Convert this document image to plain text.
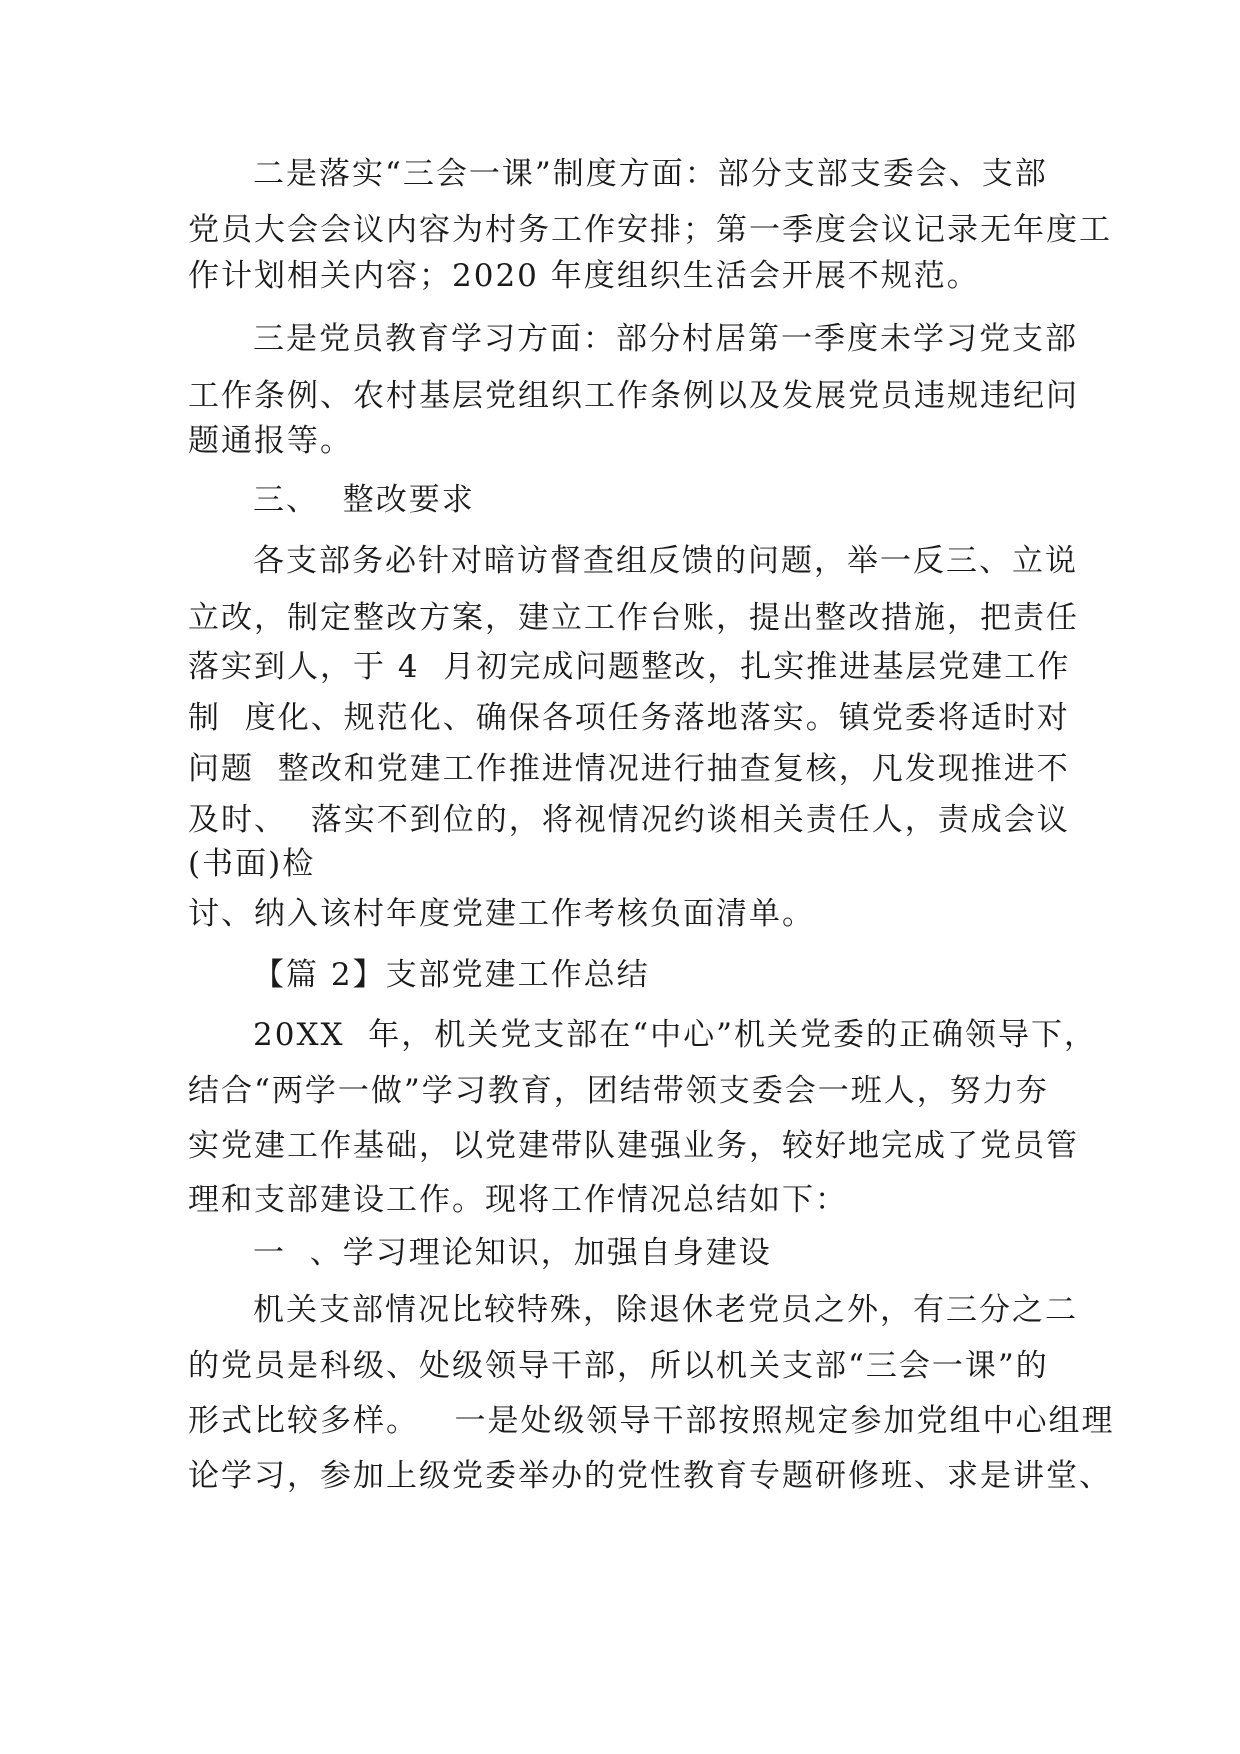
二是落实“三会一课”制度方面：部分支部支委会、支部

党员大会会议内容为村务工作安排；第一季度会议记录无年度工

作计划相关内容；2020 年度组织生活会开展不规范。

三是党员教育学习方面：部分村居第一季度未学习党支部

工作条例、农村基层党组织工作条例以及发展党员违规违纪问

题通报等。

三、  整改要求

各支部务必针对暗访督查组反馈的问题，举一反三、立说

立改，制定整改方案，建立工作台账，提出整改措施，把责任

落实到人，于 4  月初完成问题整改，扎实推进基层党建工作

制  度化、规范化、确保各项任务落地落实。镇党委将适时对

问题  整改和党建工作推进情况进行抽查复核，凡发现推进不

及时、  落实不到位的，将视情况约谈相关责任人，责成会议

(书面)检

讨、纳入该村年度党建工作考核负面清单。

【篇 2】支部党建工作总结

20XX  年，机关党支部在“中心”机关党委的正确领导下，

结合“两学一做”学习教育，团结带领支委会一班人，努力夯

实党建工作基础，以党建带队建强业务，较好地完成了党员管

理和支部建设工作。现将工作情况总结如下：

一  、学习理论知识，加强自身建设

机关支部情况比较特殊，除退休老党员之外，有三分之二

的党员是科级、处级领导干部，所以机关支部“三会一课”的

形式比较多样。   一是处级领导干部按照规定参加党组中心组理

论学习，参加上级党委举办的党性教育专题研修班、求是讲堂、
